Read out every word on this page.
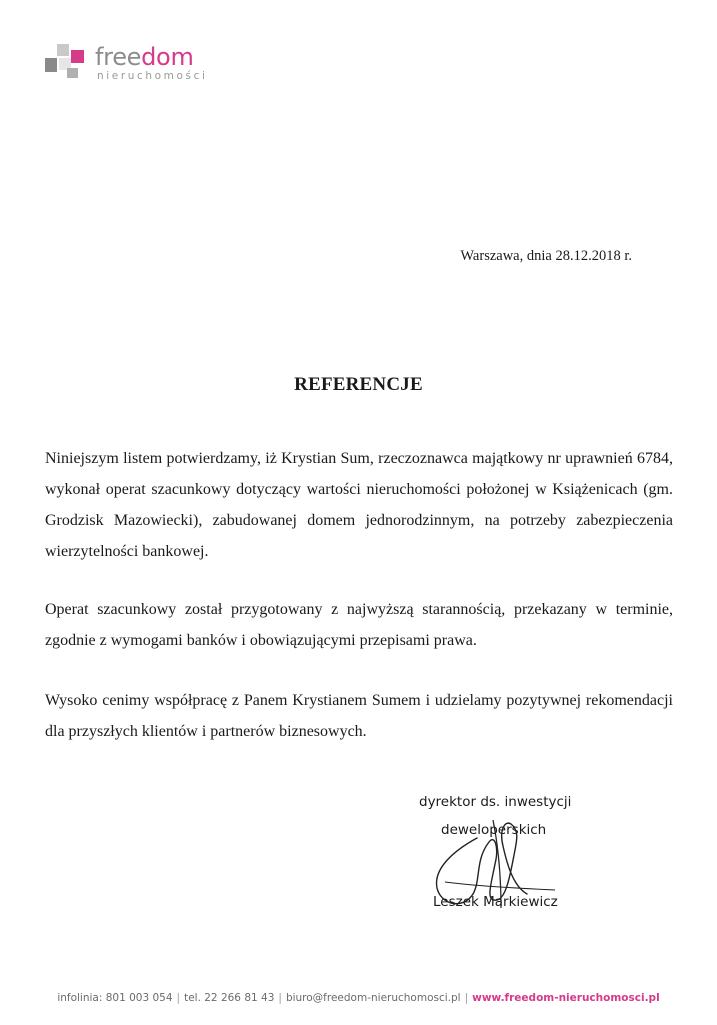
freedom
nieruchomości
Warszawa, dnia 28.12.2018 r.
REFERENCJE
Niniejszym listem potwierdzamy, iż Krystian Sum, rzeczoznawca majątkowy nr uprawnień 6784, wykonał operat szacunkowy dotyczący wartości nieruchomości położonej w Książenicach (gm. Grodzisk Mazowiecki), zabudowanej domem jednorodzinnym, na potrzeby zabezpieczenia wierzytelności bankowej.
Operat szacunkowy został przygotowany z najwyższą starannością, przekazany w terminie, zgodnie z wymogami banków i obowiązującymi przepisami prawa.
Wysoko cenimy współpracę z Panem Krystianem Sumem i udzielamy pozytywnej rekomendacji dla przyszłych klientów i partnerów biznesowych.
dyrektor ds. inwestycji
deweloperskich
Leszek Markiewicz
infolinia: 801 003 054 | tel. 22 266 81 43 | biuro@freedom-nieruchomosci.pl | www.freedom-nieruchomosci.pl
